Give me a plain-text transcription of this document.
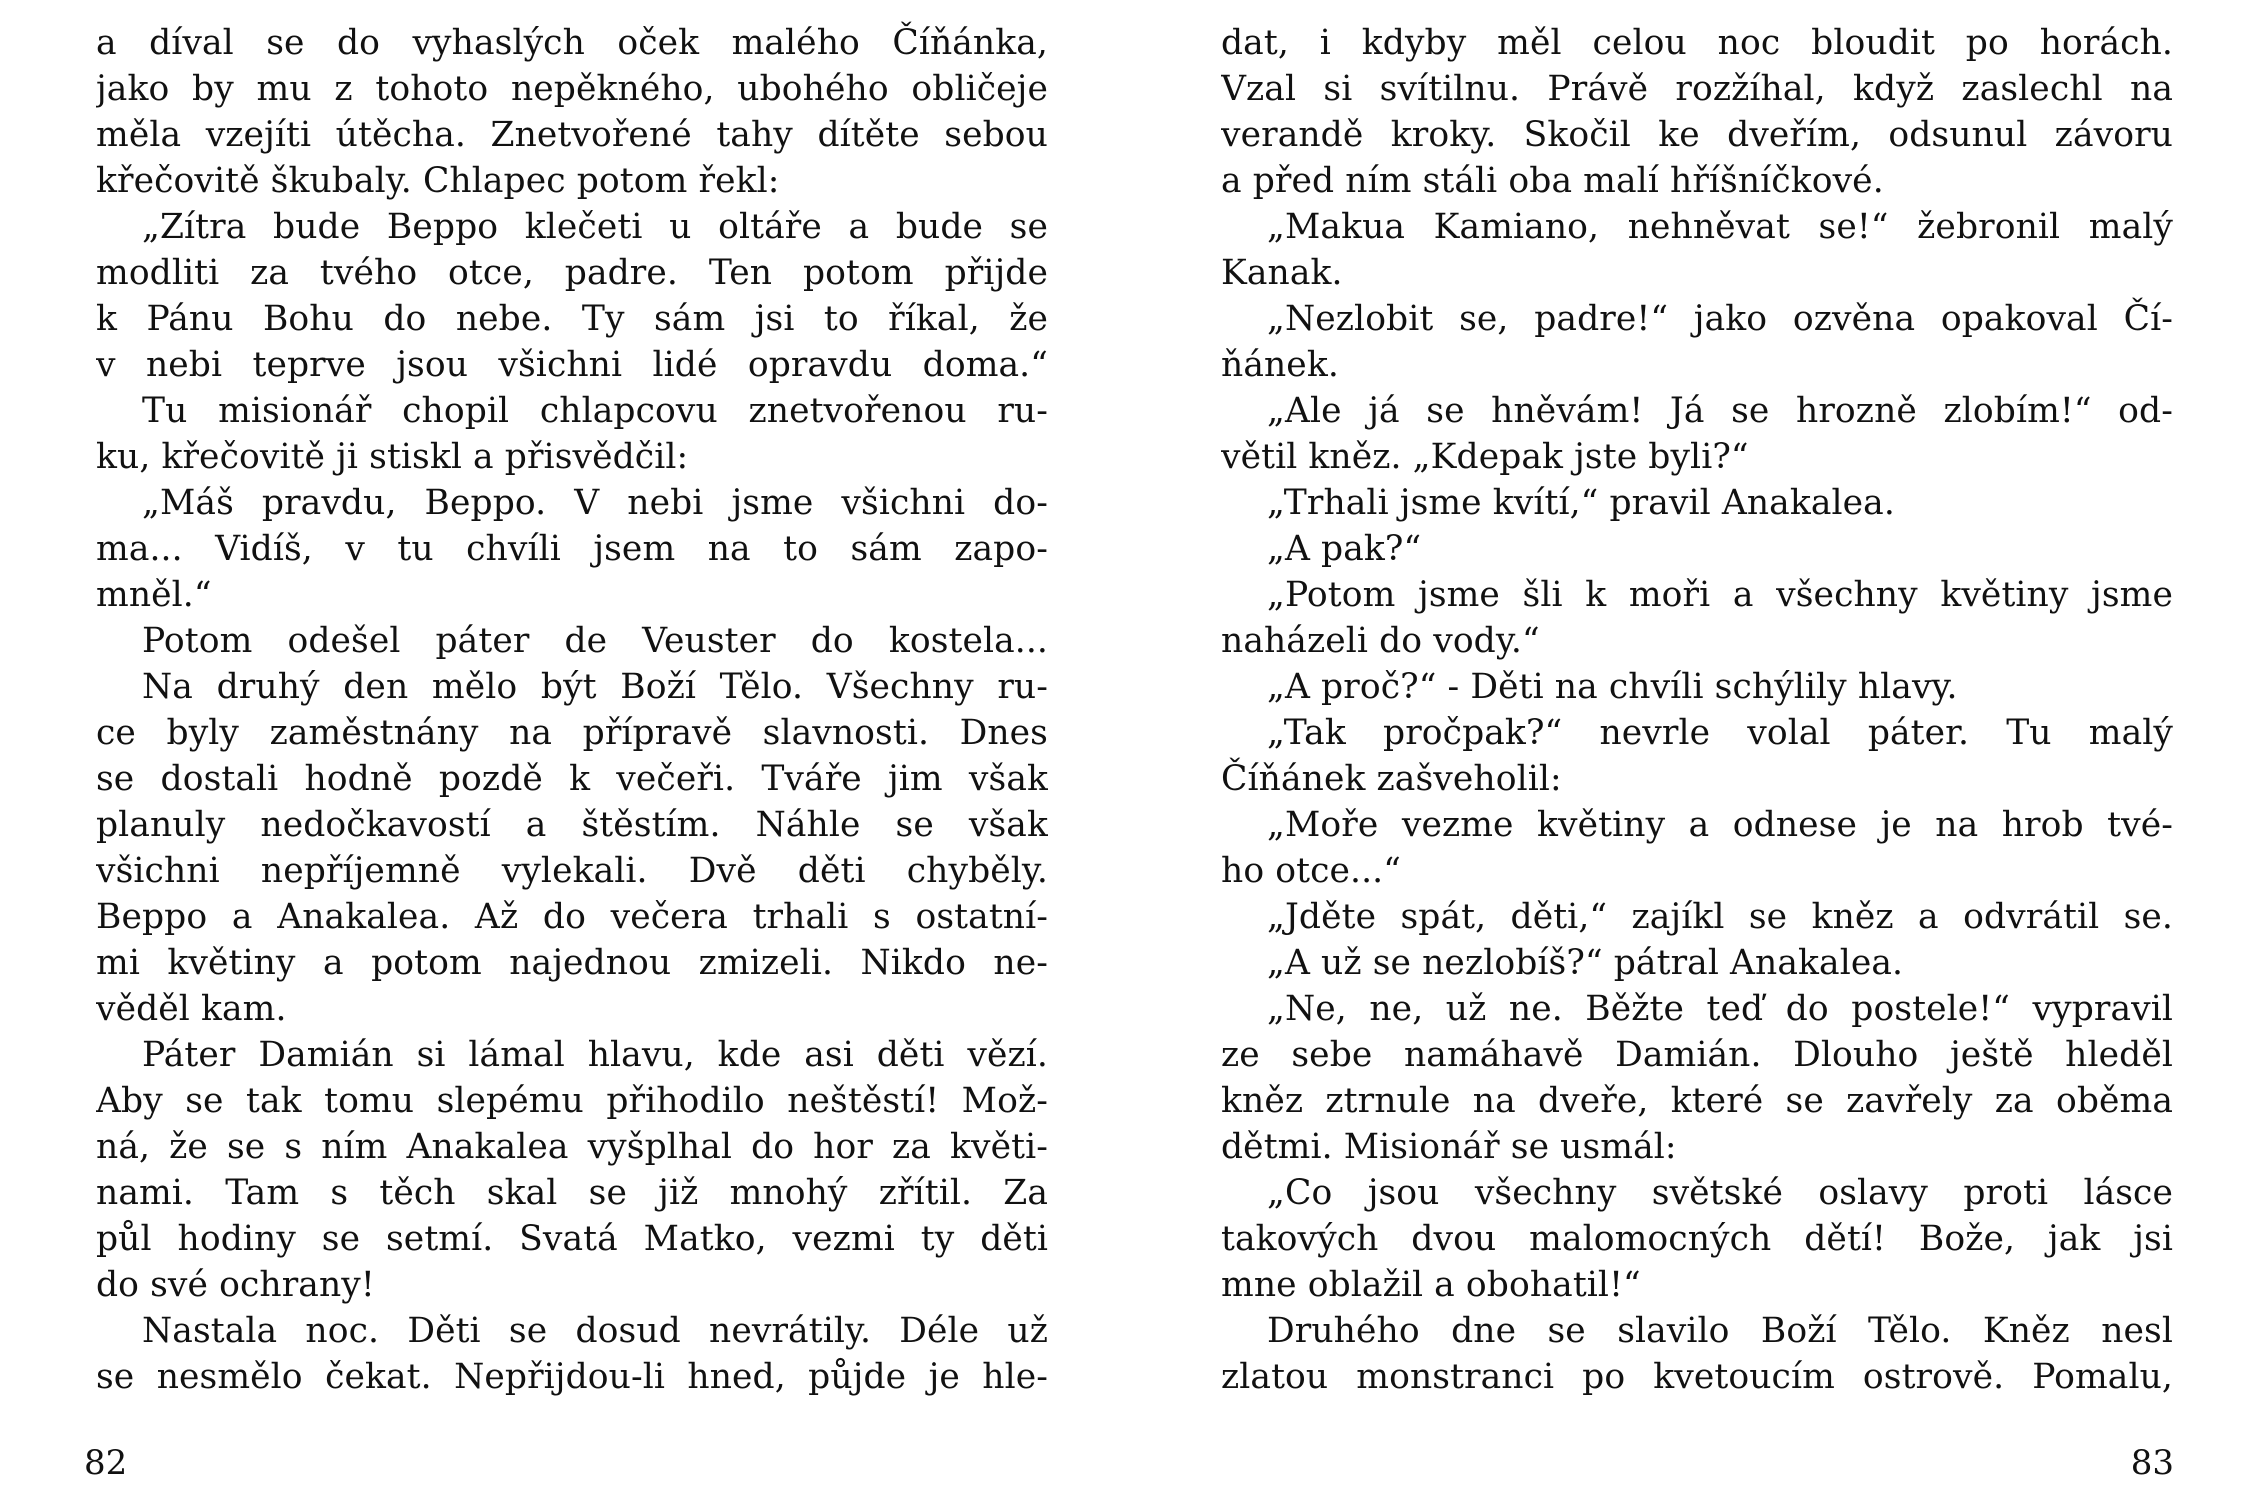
a díval se do vyhaslých oček malého Číňánka,
jako by mu z tohoto nepěkného, ubohého obličeje
měla vzejíti útěcha. Znetvořené tahy dítěte sebou
křečovitě škubaly. Chlapec potom řekl:
„Zítra bude Beppo klečeti u oltáře a bude se
modliti za tvého otce, padre. Ten potom přijde
k Pánu Bohu do nebe. Ty sám jsi to říkal, že
v nebi teprve jsou všichni lidé opravdu doma.“
Tu misionář chopil chlapcovu znetvořenou ru-
ku, křečovitě ji stiskl a přisvědčil:
„Máš pravdu, Beppo. V nebi jsme všichni do-
ma... Vidíš, v tu chvíli jsem na to sám zapo-
mněl.“
Potom odešel páter de Veuster do kostela...
Na druhý den mělo být Boží Tělo. Všechny ru-
ce byly zaměstnány na přípravě slavnosti. Dnes
se dostali hodně pozdě k večeři. Tváře jim však
planuly nedočkavostí a štěstím. Náhle se však
všichni nepříjemně vylekali. Dvě děti chyběly.
Beppo a Anakalea. Až do večera trhali s ostatní-
mi květiny a potom najednou zmizeli. Nikdo ne-
věděl kam.
Páter Damián si lámal hlavu, kde asi děti vězí.
Aby se tak tomu slepému přihodilo neštěstí! Mož-
ná, že se s ním Anakalea vyšplhal do hor za květi-
nami. Tam s těch skal se již mnohý zřítil. Za
půl hodiny se setmí. Svatá Matko, vezmi ty děti
do své ochrany!
Nastala noc. Děti se dosud nevrátily. Déle už
se nesmělo čekat. Nepřijdou-li hned, půjde je hle-
82
dat, i kdyby měl celou noc bloudit po horách.
Vzal si svítilnu. Právě rozžíhal, když zaslechl na
verandě kroky. Skočil ke dveřím, odsunul závoru
a před ním stáli oba malí hříšníčkové.
„Makua Kamiano, nehněvat se!“ žebronil malý
Kanak.
„Nezlobit se, padre!“ jako ozvěna opakoval Čí-
ňánek.
„Ale já se hněvám! Já se hrozně zlobím!“ od-
větil kněz. „Kdepak jste byli?“
„Trhali jsme kvítí,“ pravil Anakalea.
„A pak?“
„Potom jsme šli k moři a všechny květiny jsme
naházeli do vody.“
„A proč?“ - Děti na chvíli schýlily hlavy.
„Tak pročpak?“ nevrle volal páter. Tu malý
Číňánek zašveholil:
„Moře vezme květiny a odnese je na hrob tvé-
ho otce...“
„Jděte spát, děti,“ zajíkl se kněz a odvrátil se.
„A už se nezlobíš?“ pátral Anakalea.
„Ne, ne, už ne. Běžte teď do postele!“ vypravil
ze sebe namáhavě Damián. Dlouho ještě hleděl
kněz ztrnule na dveře, které se zavřely za oběma
dětmi. Misionář se usmál:
„Co jsou všechny světské oslavy proti lásce
takových dvou malomocných dětí! Bože, jak jsi
mne oblažil a obohatil!“
Druhého dne se slavilo Boží Tělo. Kněz nesl
zlatou monstranci po kvetoucím ostrově. Pomalu,
83
